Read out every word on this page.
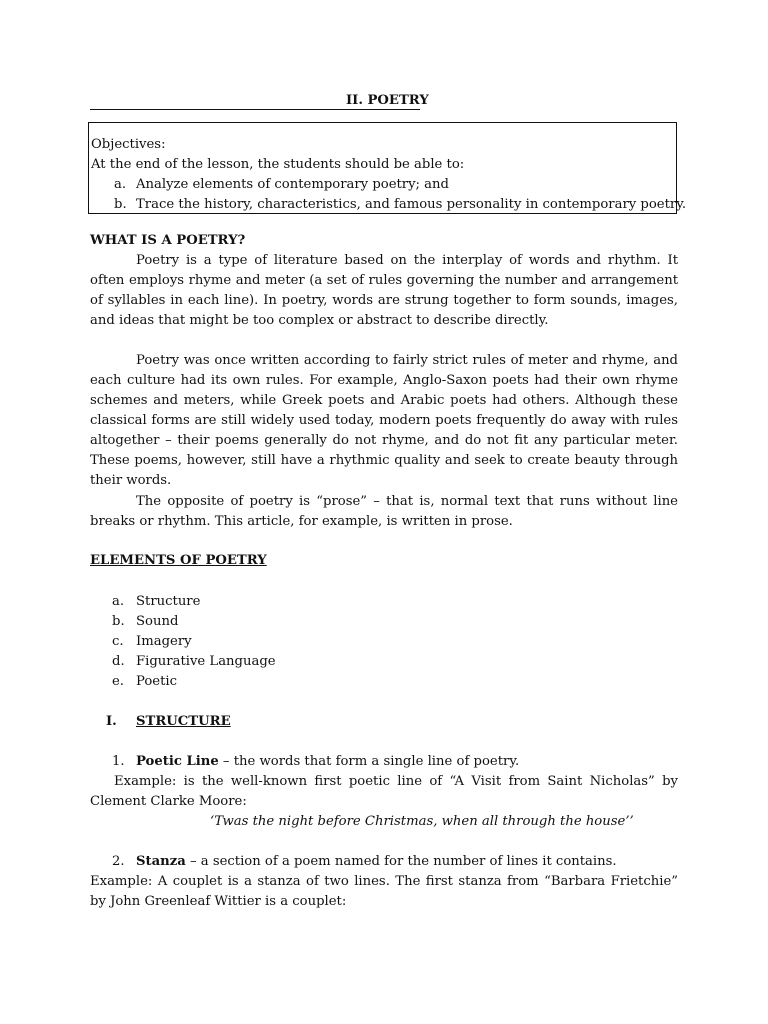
II. POETRY

Objectives:

At the end of the lesson, the students should be able to:

a. Analyze elements of contemporary poetry; and

b. Trace the history, characteristics, and famous personality in contemporary poetry.

WHAT IS A POETRY?

Poetry is a type of literature based on the interplay of words and rhythm. It often employs rhyme and meter (a set of rules governing the number and arrangement of syllables in each line). In poetry, words are strung together to form sounds, images, and ideas that might be too complex or abstract to describe directly.

Poetry was once written according to fairly strict rules of meter and rhyme, and each culture had its own rules. For example, Anglo-Saxon poets had their own rhyme schemes and meters, while Greek poets and Arabic poets had others. Although these classical forms are still widely used today, modern poets frequently do away with rules altogether – their poems generally do not rhyme, and do not fit any particular meter. These poems, however, still have a rhythmic quality and seek to create beauty through their words.

The opposite of poetry is “prose” – that is, normal text that runs without line breaks or rhythm. This article, for example, is written in prose.

ELEMENTS OF POETRY

a. Structure

b. Sound

c. Imagery

d. Figurative Language

e. Poetic

I. STRUCTURE

1. Poetic Line – the words that form a single line of poetry.

Example: is the well-known first poetic line of “A Visit from Saint Nicholas” by Clement Clarke Moore:

‘Twas the night before Christmas, when all through the house’’

2. Stanza – a section of a poem named for the number of lines it contains.

Example: A couplet is a stanza of two lines. The first stanza from “Barbara Frietchie” by John Greenleaf Wittier is a couplet:
